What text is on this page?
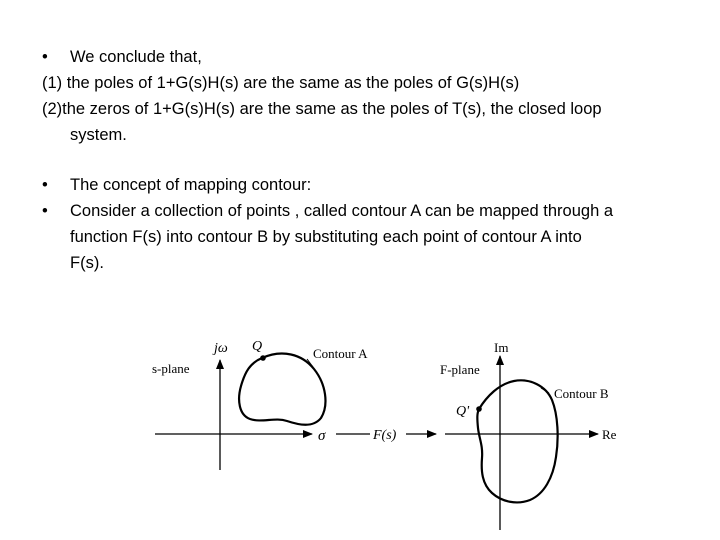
•	We conclude that,
(1) the poles of 1+G(s)H(s) are the same as the poles of G(s)H(s)
(2)the zeros of 1+G(s)H(s) are the same as the poles of T(s), the closed loop
system.
•	The concept of mapping contour:
•	Consider a collection of points , called contour A can be mapped through a
function F(s) into contour B by substituting each point of contour A into
F(s).
s-plane
jω Q	Contour A
σ	F(s)
F-plane
Im
Contour B
Q'
Re
